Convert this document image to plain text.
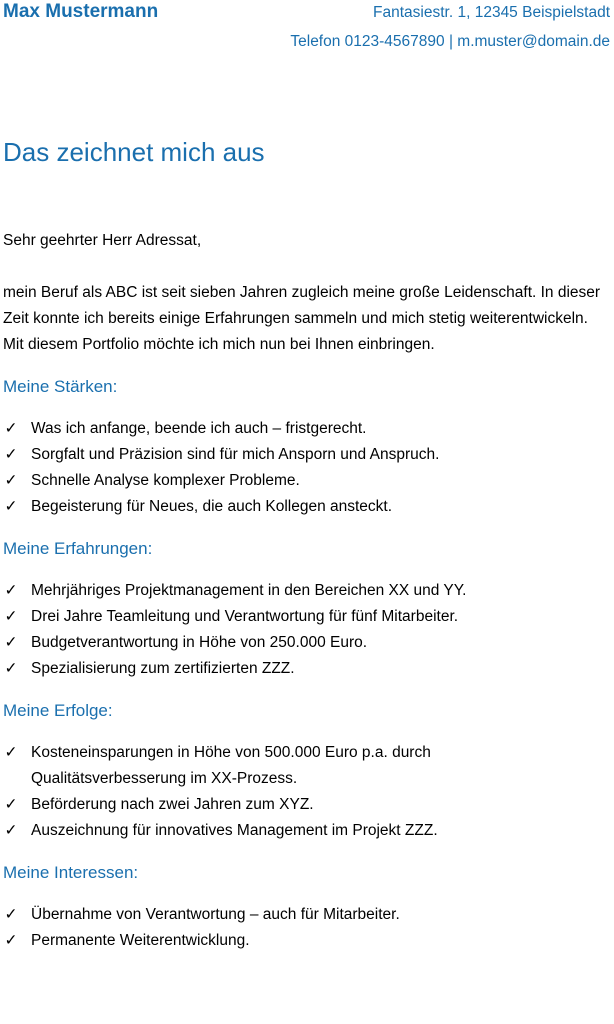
Max Mustermann	Fantasiestr. 1, 12345 Beispielstadt
Telefon 0123-4567890 | m.muster@domain.de
Das zeichnet mich aus

Sehr geehrter Herr Adressat,

mein Beruf als ABC ist seit sieben Jahren zugleich meine große Leidenschaft. In dieser Zeit konnte ich bereits einige Erfahrungen sammeln und mich stetig weiterentwickeln. Mit diesem Portfolio möchte ich mich nun bei Ihnen einbringen.

Meine Stärken:
✓ Was ich anfange, beende ich auch – fristgerecht.
✓ Sorgfalt und Präzision sind für mich Ansporn und Anspruch.
✓ Schnelle Analyse komplexer Probleme.
✓ Begeisterung für Neues, die auch Kollegen ansteckt.
Meine Erfahrungen:
✓ Mehrjähriges Projektmanagement in den Bereichen XX und YY.
✓ Drei Jahre Teamleitung und Verantwortung für fünf Mitarbeiter.
✓ Budgetverantwortung in Höhe von 250.000 Euro.
✓ Spezialisierung zum zertifizierten ZZZ.
Meine Erfolge:
✓ Kosteneinsparungen in Höhe von 500.000 Euro p.a. durch Qualitätsverbesserung im XX-Prozess.
✓ Beförderung nach zwei Jahren zum XYZ.
✓ Auszeichnung für innovatives Management im Projekt ZZZ.
Meine Interessen:
✓ Übernahme von Verantwortung – auch für Mitarbeiter.
✓ Permanente Weiterentwicklung.
